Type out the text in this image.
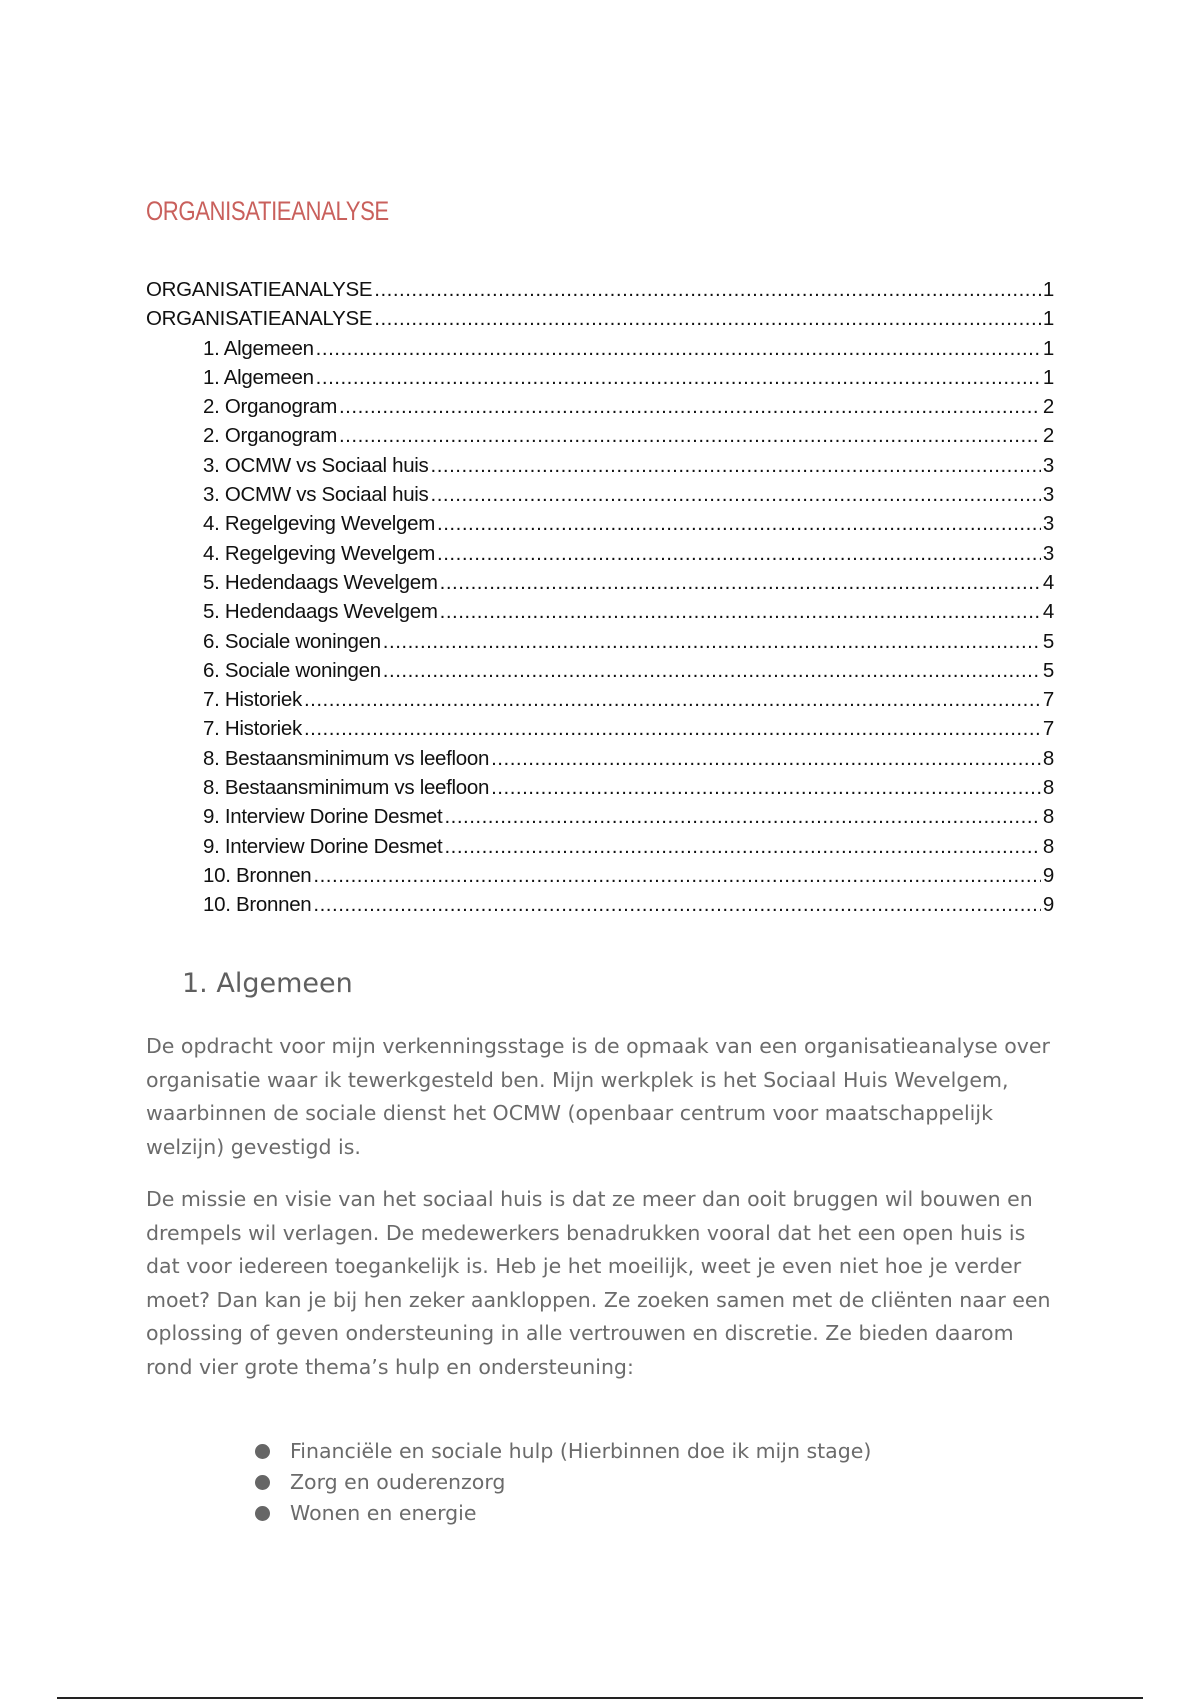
ORGANISATIEANALYSE
ORGANISATIEANALYSE .....	1
ORGANISATIEANALYSE .....	1
1. Algemeen .....	1
1. Algemeen .....	1
2. Organogram .....	2
2. Organogram .....	2
3. OCMW vs Sociaal huis .....	3
3. OCMW vs Sociaal huis .....	3
4. Regelgeving Wevelgem .....	3
4. Regelgeving Wevelgem .....	3
5. Hedendaags Wevelgem .....	4
5. Hedendaags Wevelgem .....	4
6. Sociale woningen .....	5
6. Sociale woningen .....	5
7. Historiek .....	7
7. Historiek .....	7
8. Bestaansminimum vs leefloon .....	8
8. Bestaansminimum vs leefloon .....	8
9. Interview Dorine Desmet .....	8
9. Interview Dorine Desmet .....	8
10. Bronnen .....	9
10. Bronnen .....	9
1. Algemeen

De opdracht voor mijn verkenningsstage is de opmaak van een organisatieanalyse over organisatie waar ik tewerkgesteld ben. Mijn werkplek is het Sociaal Huis Wevelgem, waarbinnen de sociale dienst het OCMW (openbaar centrum voor maatschappelijk welzijn) gevestigd is.

De missie en visie van het sociaal huis is dat ze meer dan ooit bruggen wil bouwen en drempels wil verlagen. De medewerkers benadrukken vooral dat het een open huis is dat voor iedereen toegankelijk is. Heb je het moeilijk, weet je even niet hoe je verder moet? Dan kan je bij hen zeker aankloppen. Ze zoeken samen met de cliënten naar een oplossing of geven ondersteuning in alle vertrouwen en discretie. Ze bieden daarom rond vier grote thema’s hulp en ondersteuning:

Financiële en sociale hulp (Hierbinnen doe ik mijn stage)
Zorg en ouderenzorg
Wonen en energie
